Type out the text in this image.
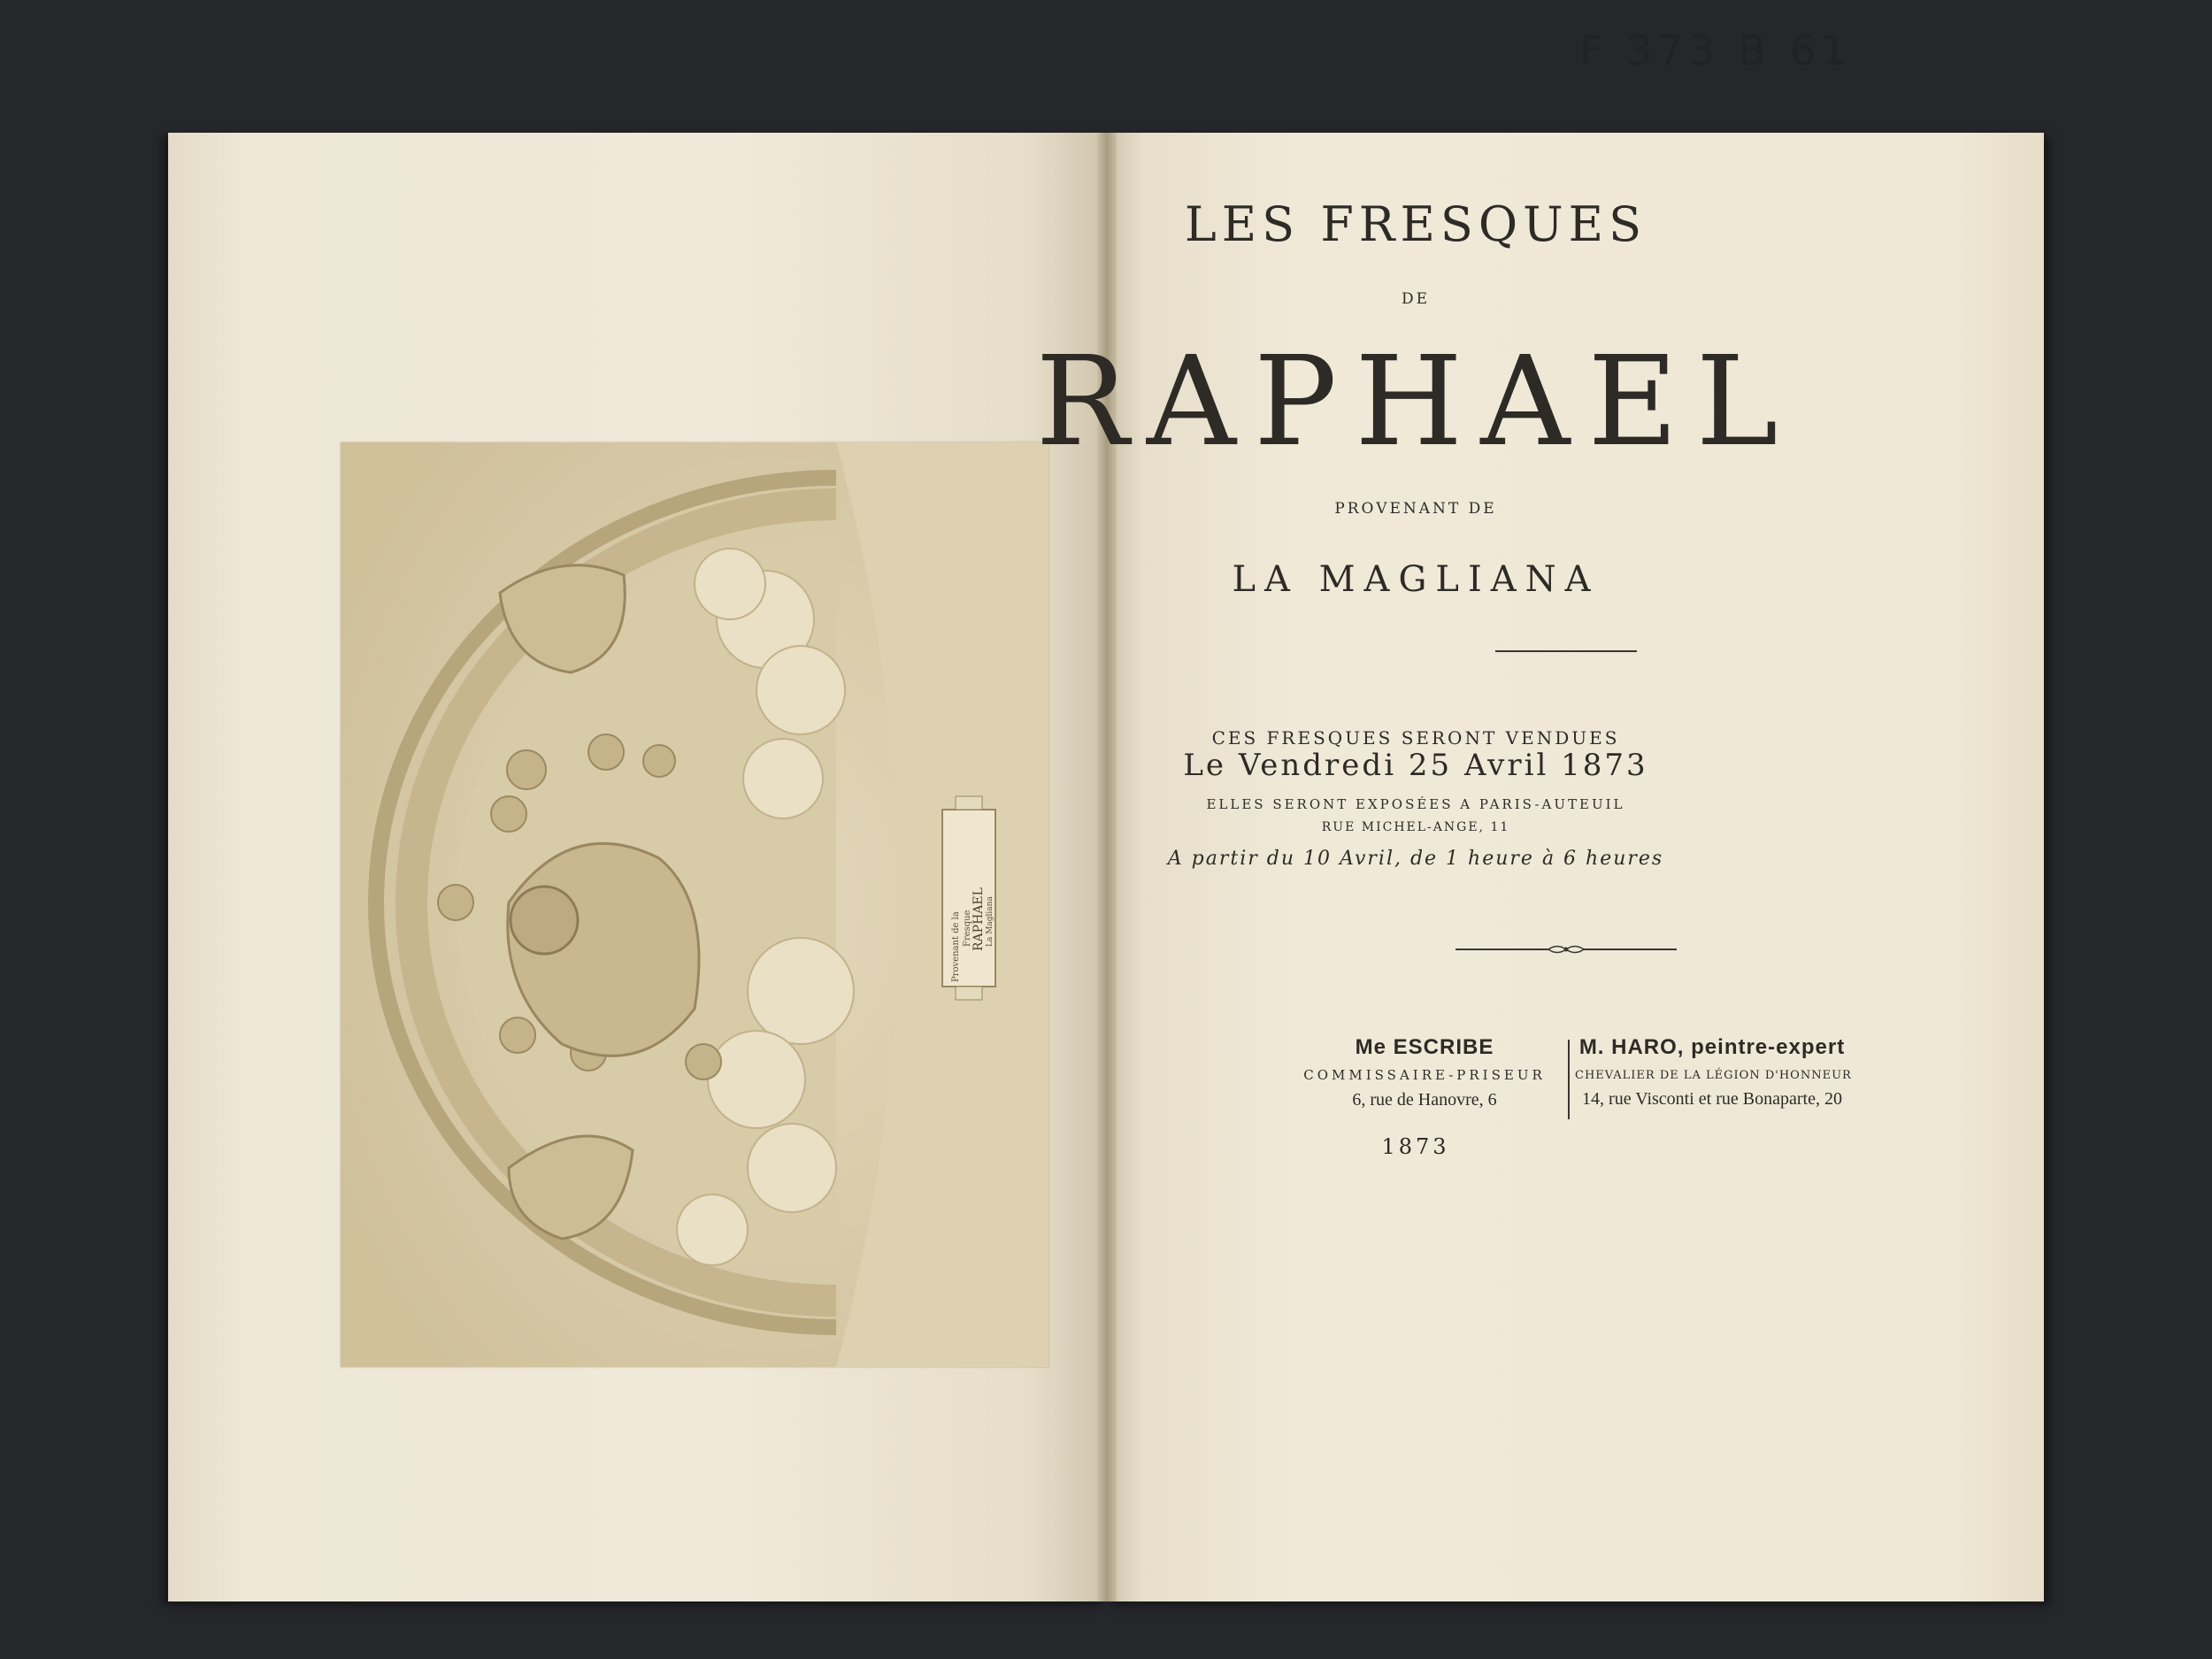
Provenant de la Fresque RAPHAEL La Magliana
F 373 B 61
LES FRESQUES
DE
RAPHAEL
PROVENANT DE
LA MAGLIANA
CES FRESQUES SERONT VENDUES
Le Vendredi 25 Avril 1873
ELLES SERONT EXPOSÉES A PARIS-AUTEUIL
RUE MICHEL-ANGE, 11
A partir du 10 Avril, de 1 heure à 6 heures
Me ESCRIBE
COMMISSAIRE-PRISEUR
6, rue de Hanovre, 6
M. HARO, peintre-expert
CHEVALIER DE LA LÉGION D'HONNEUR
14, rue Visconti et rue Bonaparte, 20
1873
